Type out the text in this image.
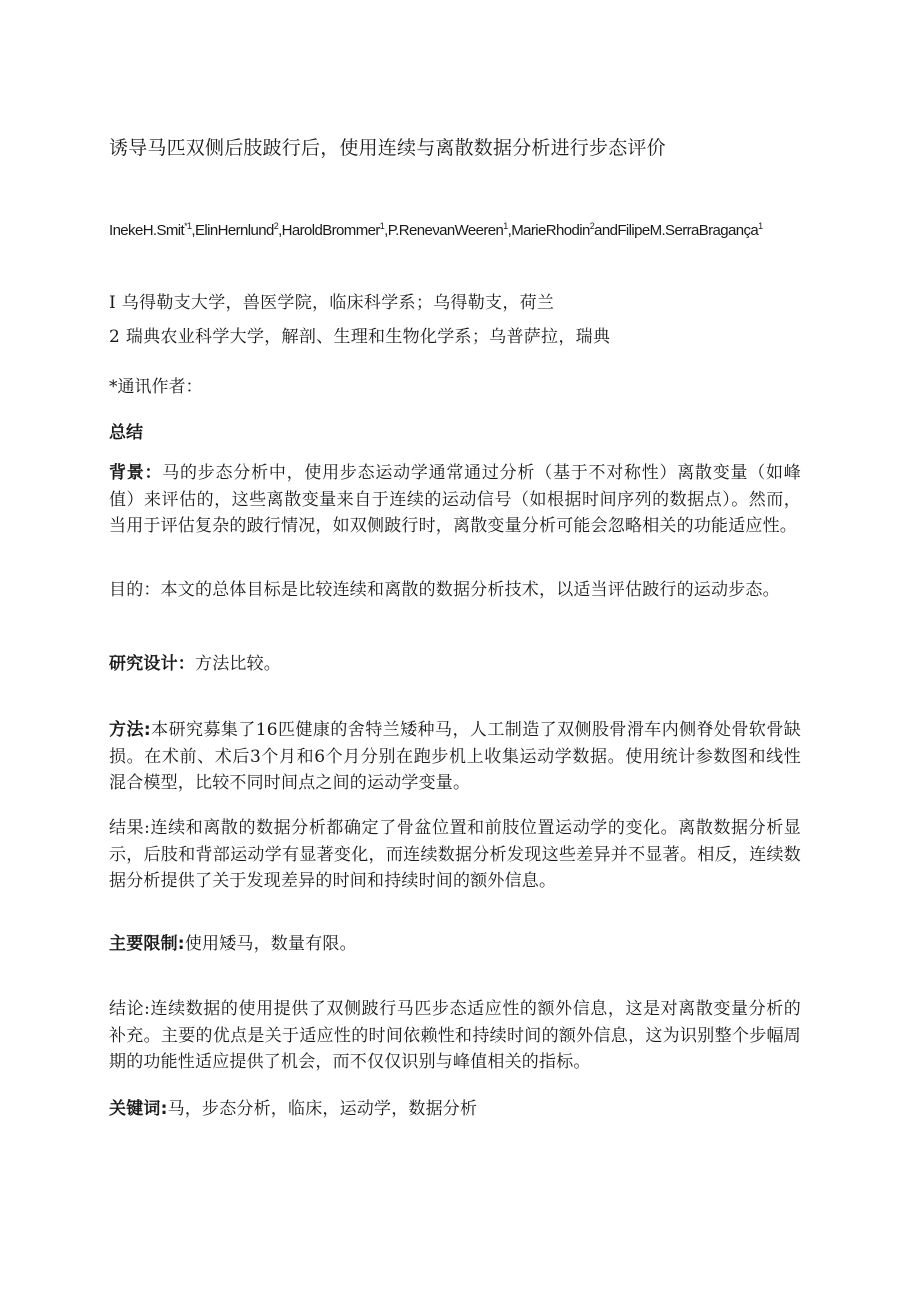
诱导马匹双侧后肢跛行后，使用连续与离散数据分析进行步态评价
InekeH.Smit$^{*1}$,ElinHernlund$^2$,HaroldBrommer$^1$,P.ReneνanWeeren$^1$,MarieRhodin$^2$andFilipeM.SerraBragança$^1$
I 乌得勒支大学，兽医学院，临床科学系；乌得勒支，荷兰
2 瑞典农业科学大学，解剖、生理和生物化学系；乌普萨拉，瑞典
*通讯作者：
总结
背景：马的步态分析中，使用步态运动学通常通过分析（基于不对称性）离散变量（如峰值）来评估的，这些离散变量来自于连续的运动信号（如根据时间序列的数据点）。然而，当用于评估复杂的跛行情况，如双侧跛行时，离散变量分析可能会忽略相关的功能适应性。
目的：本文的总体目标是比较连续和离散的数据分析技术，以适当评估跛行的运动步态。
研究设计：方法比较。
方法:本研究募集了16匹健康的舍特兰矮种马，人工制造了双侧股骨滑车内侧脊处骨软骨缺损。在术前、术后3个月和6个月分别在跑步机上收集运动学数据。使用统计参数图和线性混合模型，比较不同时间点之间的运动学变量。
结果:连续和离散的数据分析都确定了骨盆位置和前肢位置运动学的变化。离散数据分析显示，后肢和背部运动学有显著变化，而连续数据分析发现这些差异并不显著。相反，连续数据分析提供了关于发现差异的时间和持续时间的额外信息。
主要限制:使用矮马，数量有限。
结论:连续数据的使用提供了双侧跛行马匹步态适应性的额外信息，这是对离散变量分析的补充。主要的优点是关于适应性的时间依赖性和持续时间的额外信息，这为识别整个步幅周期的功能性适应提供了机会，而不仅仅识别与峰值相关的指标。
关键词:马，步态分析，临床，运动学，数据分析
